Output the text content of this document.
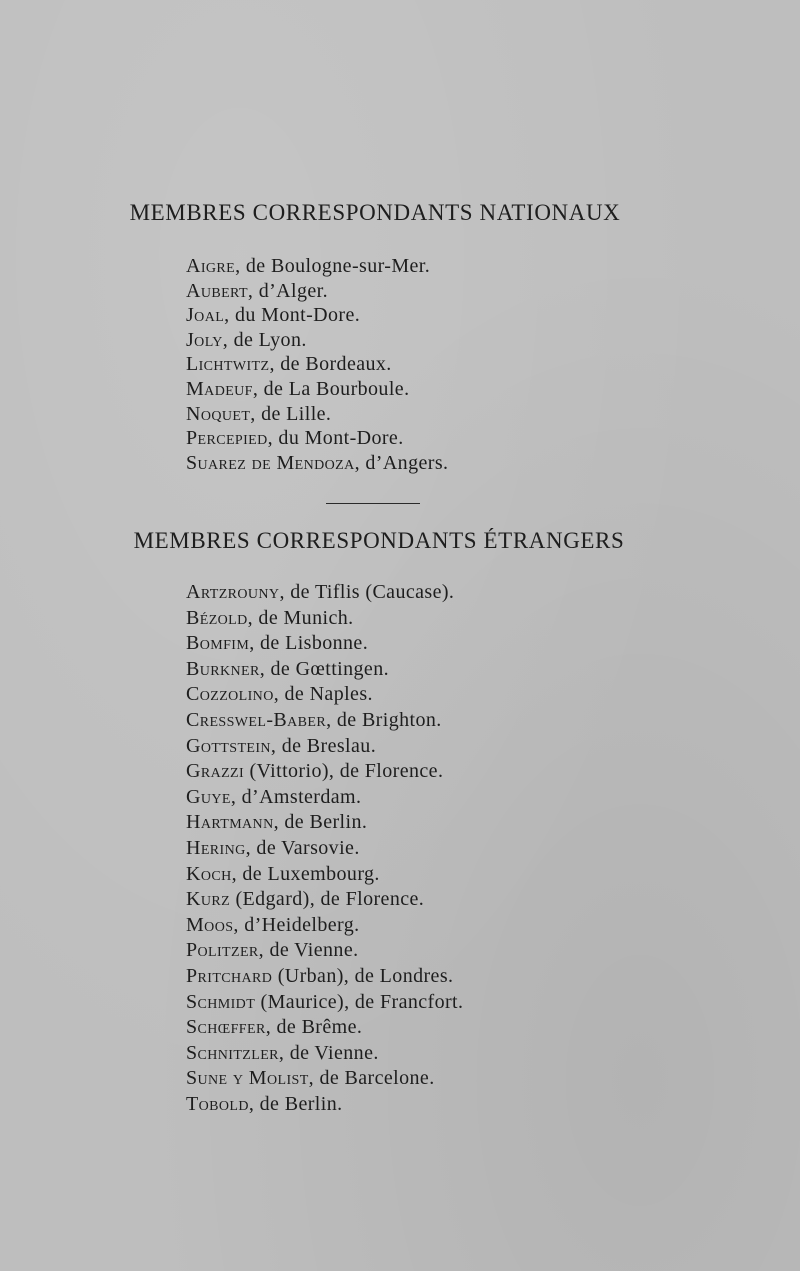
MEMBRES CORRESPONDANTS NATIONAUX
Aigre, de Boulogne-sur-Mer.
Aubert, d’Alger.
Joal, du Mont-Dore.
Joly, de Lyon.
Lichtwitz, de Bordeaux.
Madeuf, de La Bourboule.
Noquet, de Lille.
Percepied, du Mont-Dore.
Suarez de Mendoza, d’Angers.
MEMBRES CORRESPONDANTS ÉTRANGERS
Artzrouny, de Tiflis (Caucase).
Bézold, de Munich.
Bomfim, de Lisbonne.
Burkner, de Gœttingen.
Cozzolino, de Naples.
Cresswel-Baber, de Brighton.
Gottstein, de Breslau.
Grazzi (Vittorio), de Florence.
Guye, d’Amsterdam.
Hartmann, de Berlin.
Hering, de Varsovie.
Koch, de Luxembourg.
Kurz (Edgard), de Florence.
Moos, d’Heidelberg.
Politzer, de Vienne.
Pritchard (Urban), de Londres.
Schmidt (Maurice), de Francfort.
Schœffer, de Brême.
Schnitzler, de Vienne.
Sune y Molist, de Barcelone.
Tobold, de Berlin.
